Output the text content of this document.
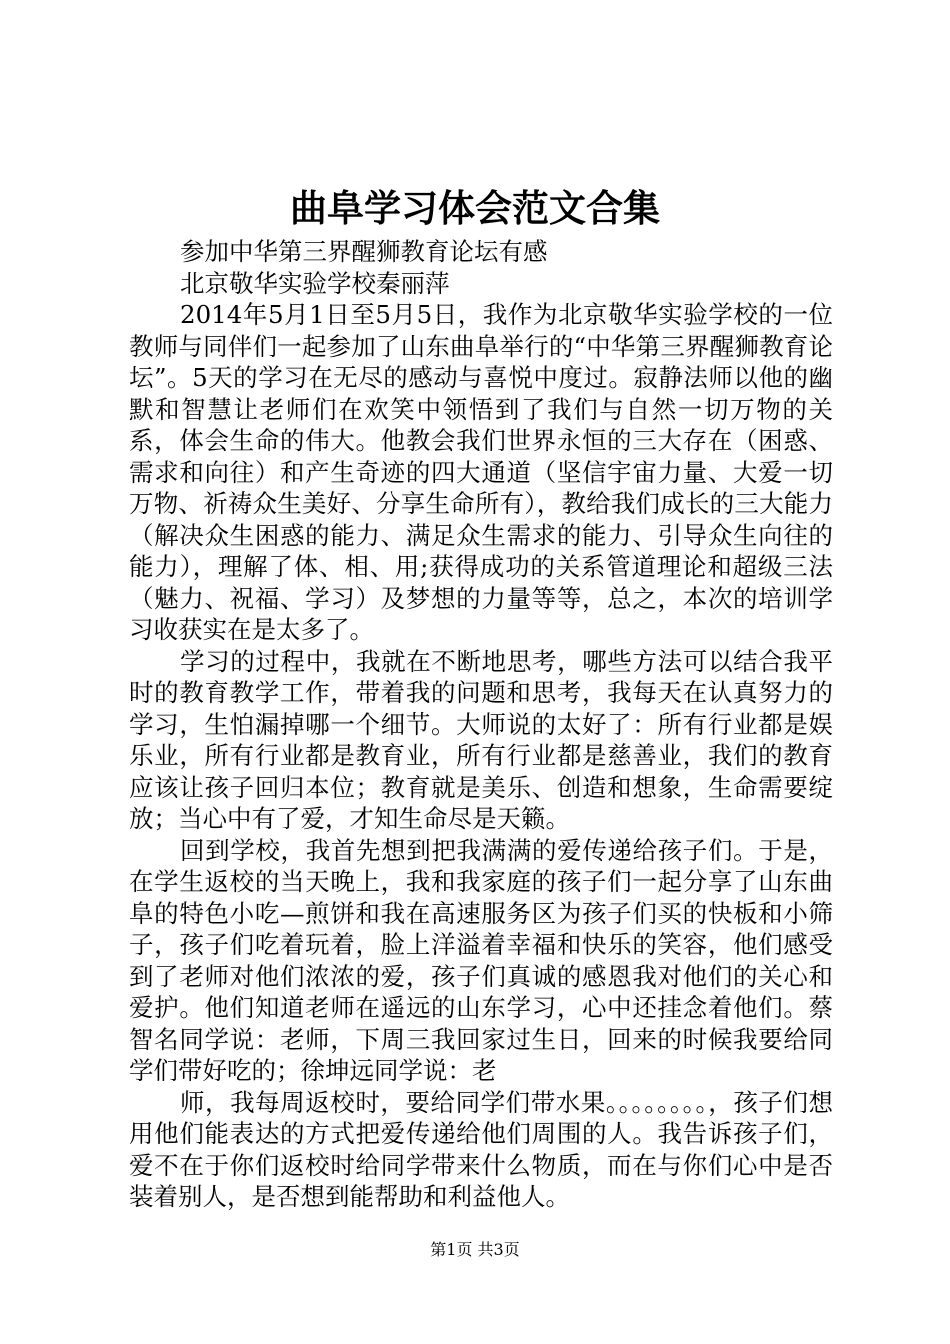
曲阜学习体会范文合集

参加中华第三界醒狮教育论坛有感

北京敬华实验学校秦丽萍

2014年5月1日至5月5日，我作为北京敬华实验学校的一位教师与同伴们一起参加了山东曲阜举行的“中华第三界醒狮教育论坛”。5天的学习在无尽的感动与喜悦中度过。寂静法师以他的幽默和智慧让老师们在欢笑中领悟到了我们与自然一切万物的关系，体会生命的伟大。他教会我们世界永恒的三大存在（困惑、需求和向往）和产生奇迹的四大通道（坚信宇宙力量、大爱一切万物、祈祷众生美好、分享生命所有），教给我们成长的三大能力（解决众生困惑的能力、满足众生需求的能力、引导众生向往的能力），理解了体、相、用;获得成功的关系管道理论和超级三法（魅力、祝福、学习）及梦想的力量等等，总之，本次的培训学习收获实在是太多了。

学习的过程中，我就在不断地思考，哪些方法可以结合我平时的教育教学工作，带着我的问题和思考，我每天在认真努力的学习，生怕漏掉哪一个细节。大师说的太好了：所有行业都是娱乐业，所有行业都是教育业，所有行业都是慈善业，我们的教育应该让孩子回归本位；教育就是美乐、创造和想象，生命需要绽放；当心中有了爱，才知生命尽是天籁。

回到学校，我首先想到把我满满的爱传递给孩子们。于是，在学生返校的当天晚上，我和我家庭的孩子们一起分享了山东曲阜的特色小吃—煎饼和我在高速服务区为孩子们买的快板和小筛子，孩子们吃着玩着，脸上洋溢着幸福和快乐的笑容，他们感受到了老师对他们浓浓的爱，孩子们真诚的感恩我对他们的关心和爱护。他们知道老师在遥远的山东学习，心中还挂念着他们。蔡智名同学说：老师，下周三我回家过生日，回来的时候我要给同学们带好吃的；徐坤远同学说：老

师，我每周返校时，要给同学们带水果。。。。。。。。，孩子们想用他们能表达的方式把爱传递给他们周围的人。我告诉孩子们，爱不在于你们返校时给同学带来什么物质，而在与你们心中是否装着别人，是否想到能帮助和利益他人。

第1页 共3页
